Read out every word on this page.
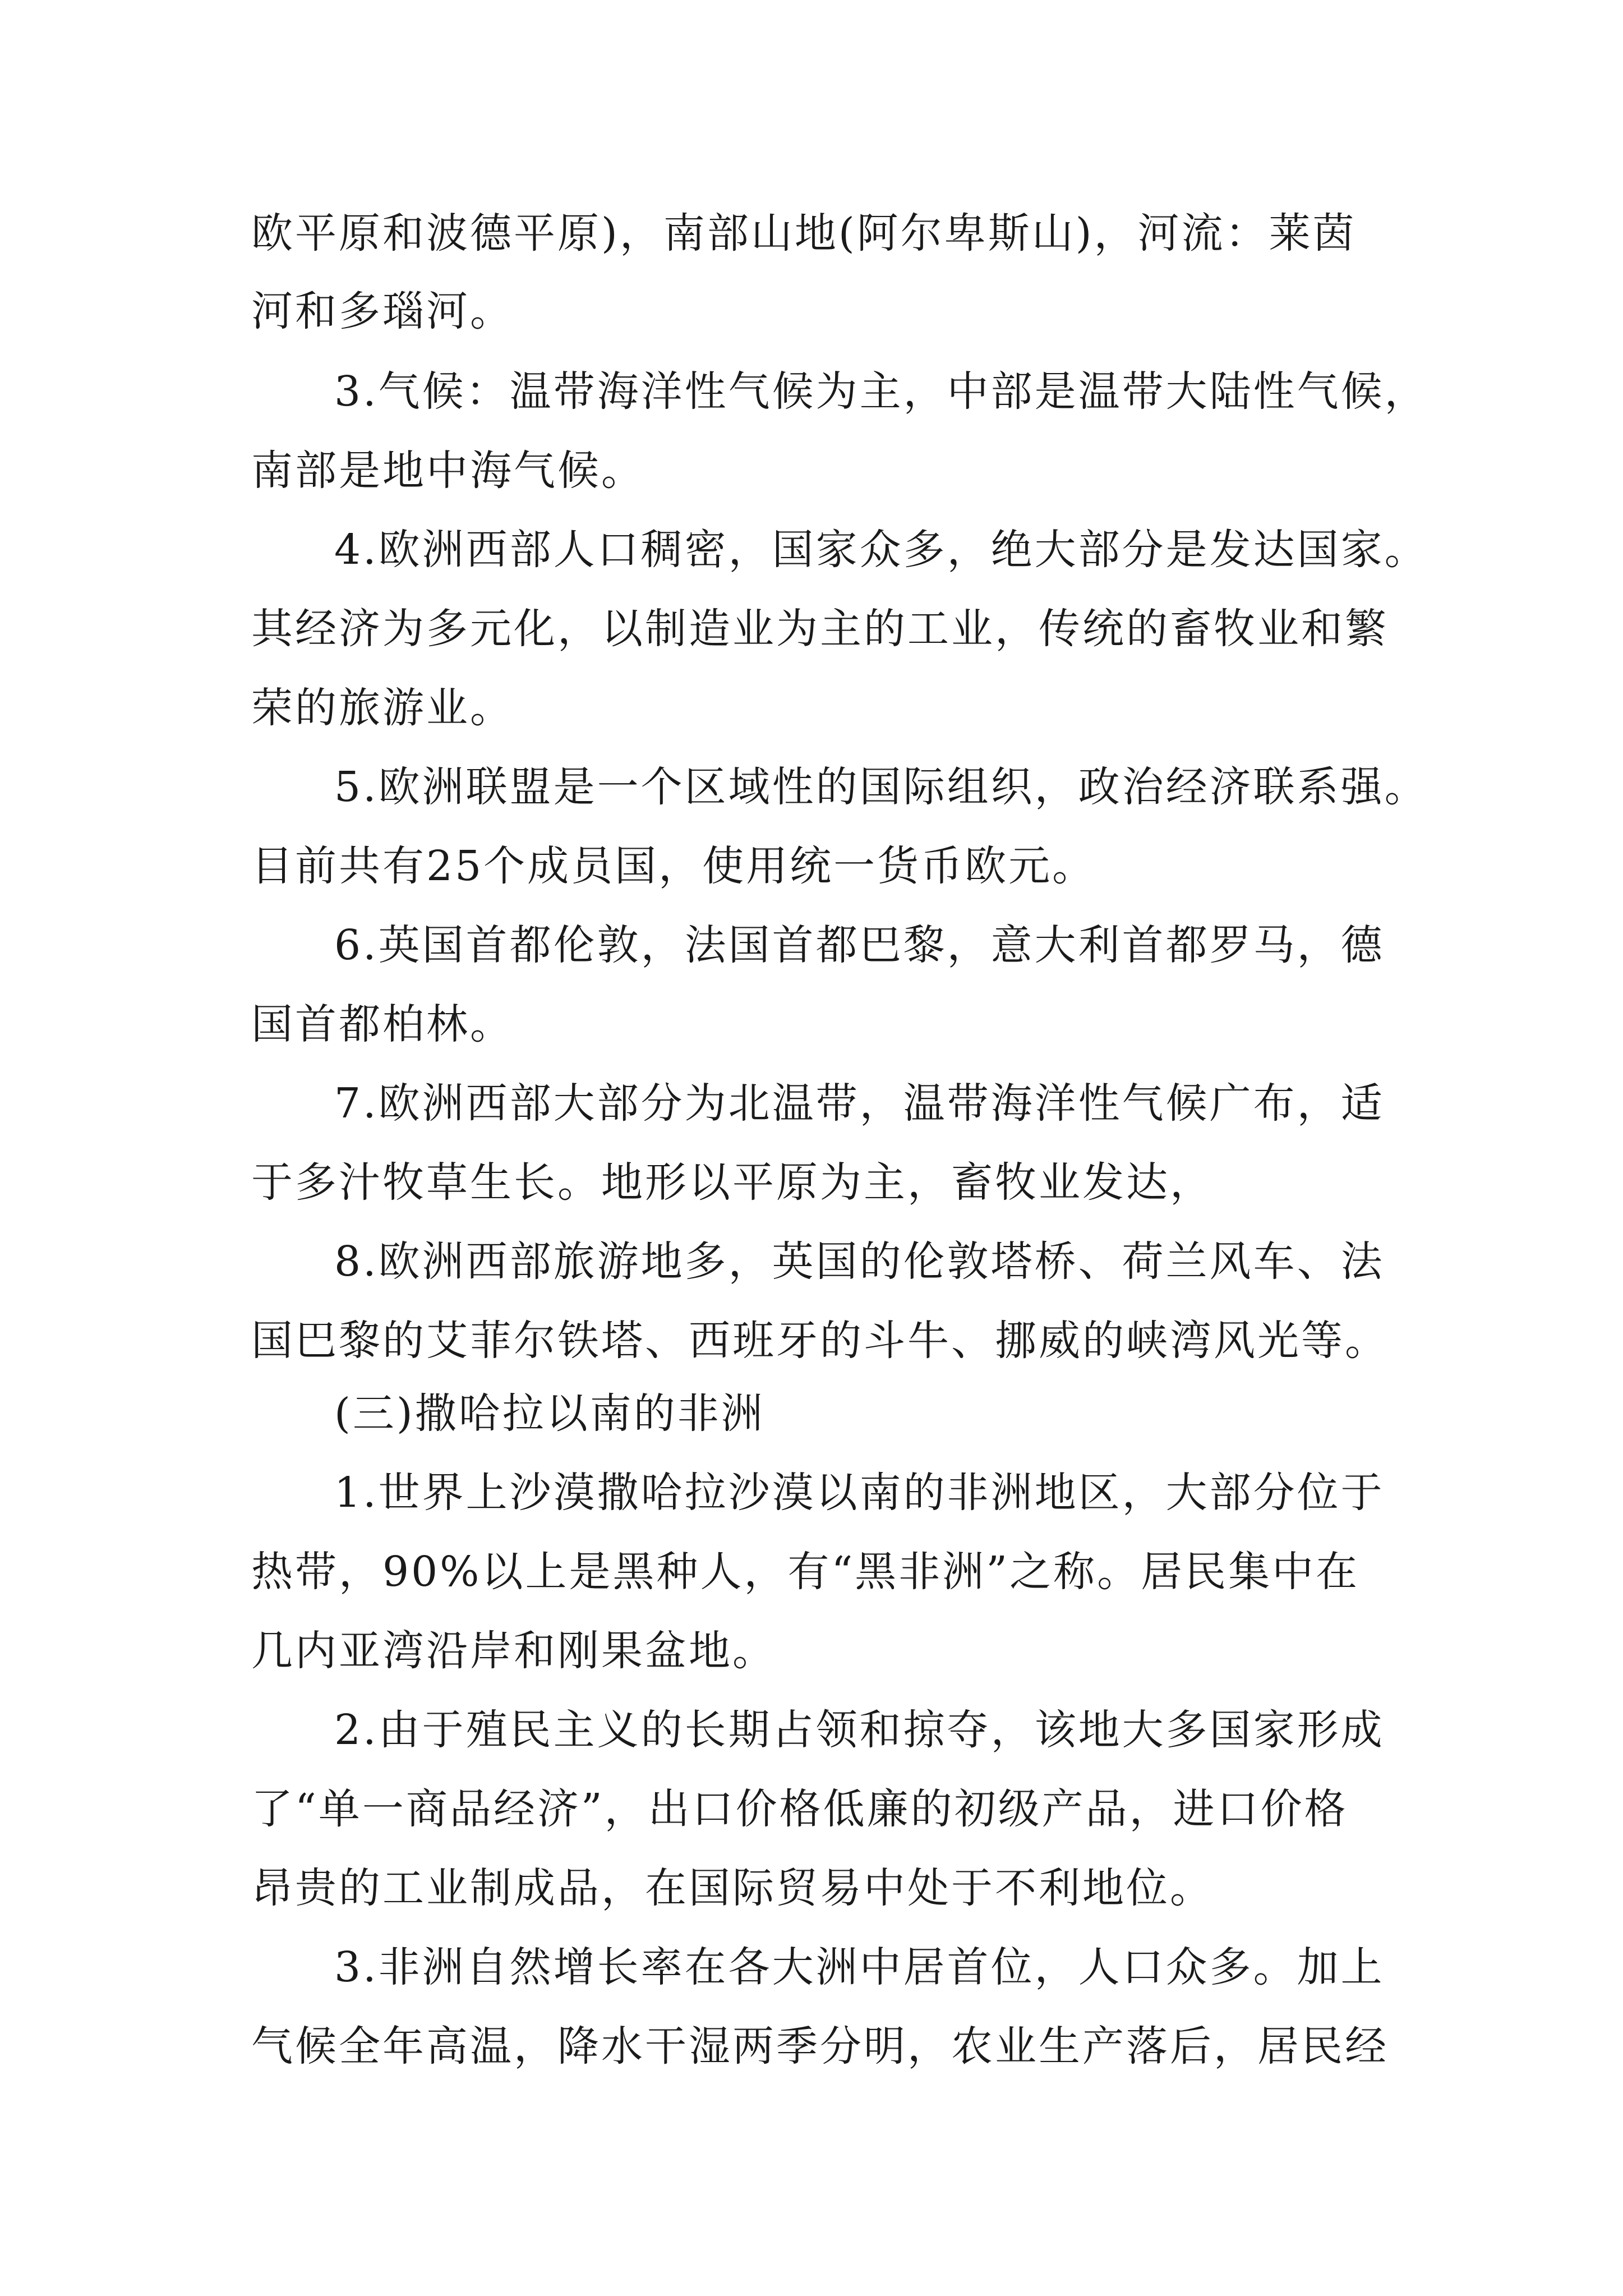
欧平原和波德平原)，南部山地(阿尔卑斯山)，河流：莱茵

河和多瑙河。

3.气候：温带海洋性气候为主，中部是温带大陆性气候，

南部是地中海气候。

4.欧洲西部人口稠密，国家众多，绝大部分是发达国家。

其经济为多元化，以制造业为主的工业，传统的畜牧业和繁

荣的旅游业。

5.欧洲联盟是一个区域性的国际组织，政治经济联系强。

目前共有25个成员国，使用统一货币欧元。

6.英国首都伦敦，法国首都巴黎，意大利首都罗马，德

国首都柏林。

7.欧洲西部大部分为北温带，温带海洋性气候广布，适

于多汁牧草生长。地形以平原为主，畜牧业发达，

8.欧洲西部旅游地多，英国的伦敦塔桥、荷兰风车、法

国巴黎的艾菲尔铁塔、西班牙的斗牛、挪威的峡湾风光等。

(三)撒哈拉以南的非洲

1.世界上沙漠撒哈拉沙漠以南的非洲地区，大部分位于

热带，90%以上是黑种人，有“黑非洲”之称。居民集中在

几内亚湾沿岸和刚果盆地。

2.由于殖民主义的长期占领和掠夺，该地大多国家形成

了“单一商品经济”，出口价格低廉的初级产品，进口价格

昂贵的工业制成品，在国际贸易中处于不利地位。

3.非洲自然增长率在各大洲中居首位，人口众多。加上

气候全年高温，降水干湿两季分明，农业生产落后，居民经
